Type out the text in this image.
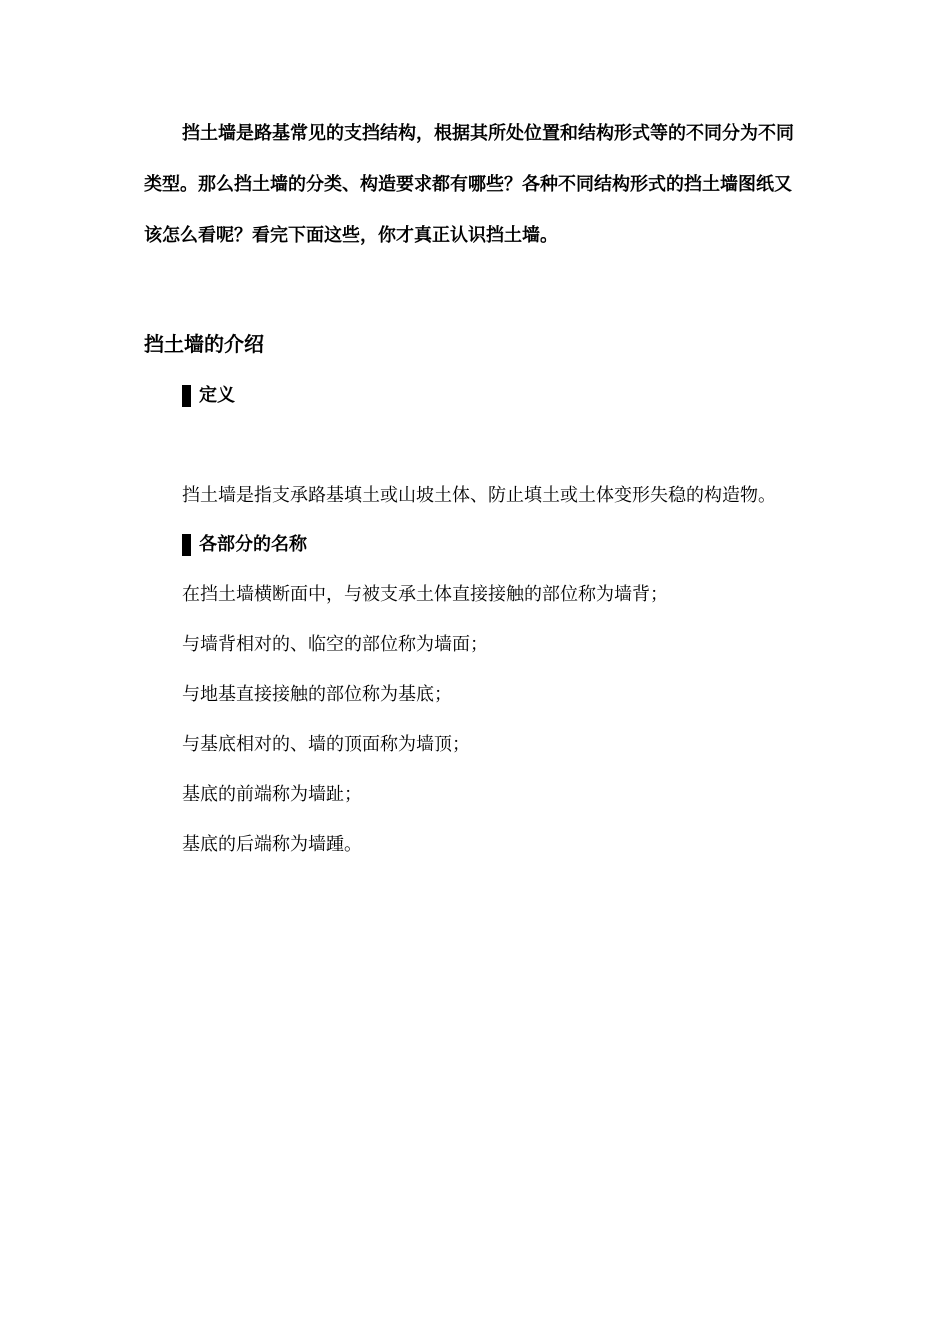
挡土墙是路基常见的支挡结构，根据其所处位置和结构形式等的不同分为不同类型。那么挡土墙的分类、构造要求都有哪些？各种不同结构形式的挡土墙图纸又该怎么看呢？看完下面这些，你才真正认识挡土墙。

挡土墙的介绍
定义

挡土墙是指支承路基填土或山坡土体、防止填土或土体变形失稳的构造物。

各部分的名称

在挡土墙横断面中，与被支承土体直接接触的部位称为墙背；

与墙背相对的、临空的部位称为墙面；

与地基直接接触的部位称为基底；

与基底相对的、墙的顶面称为墙顶；

基底的前端称为墙趾；

基底的后端称为墙踵。
